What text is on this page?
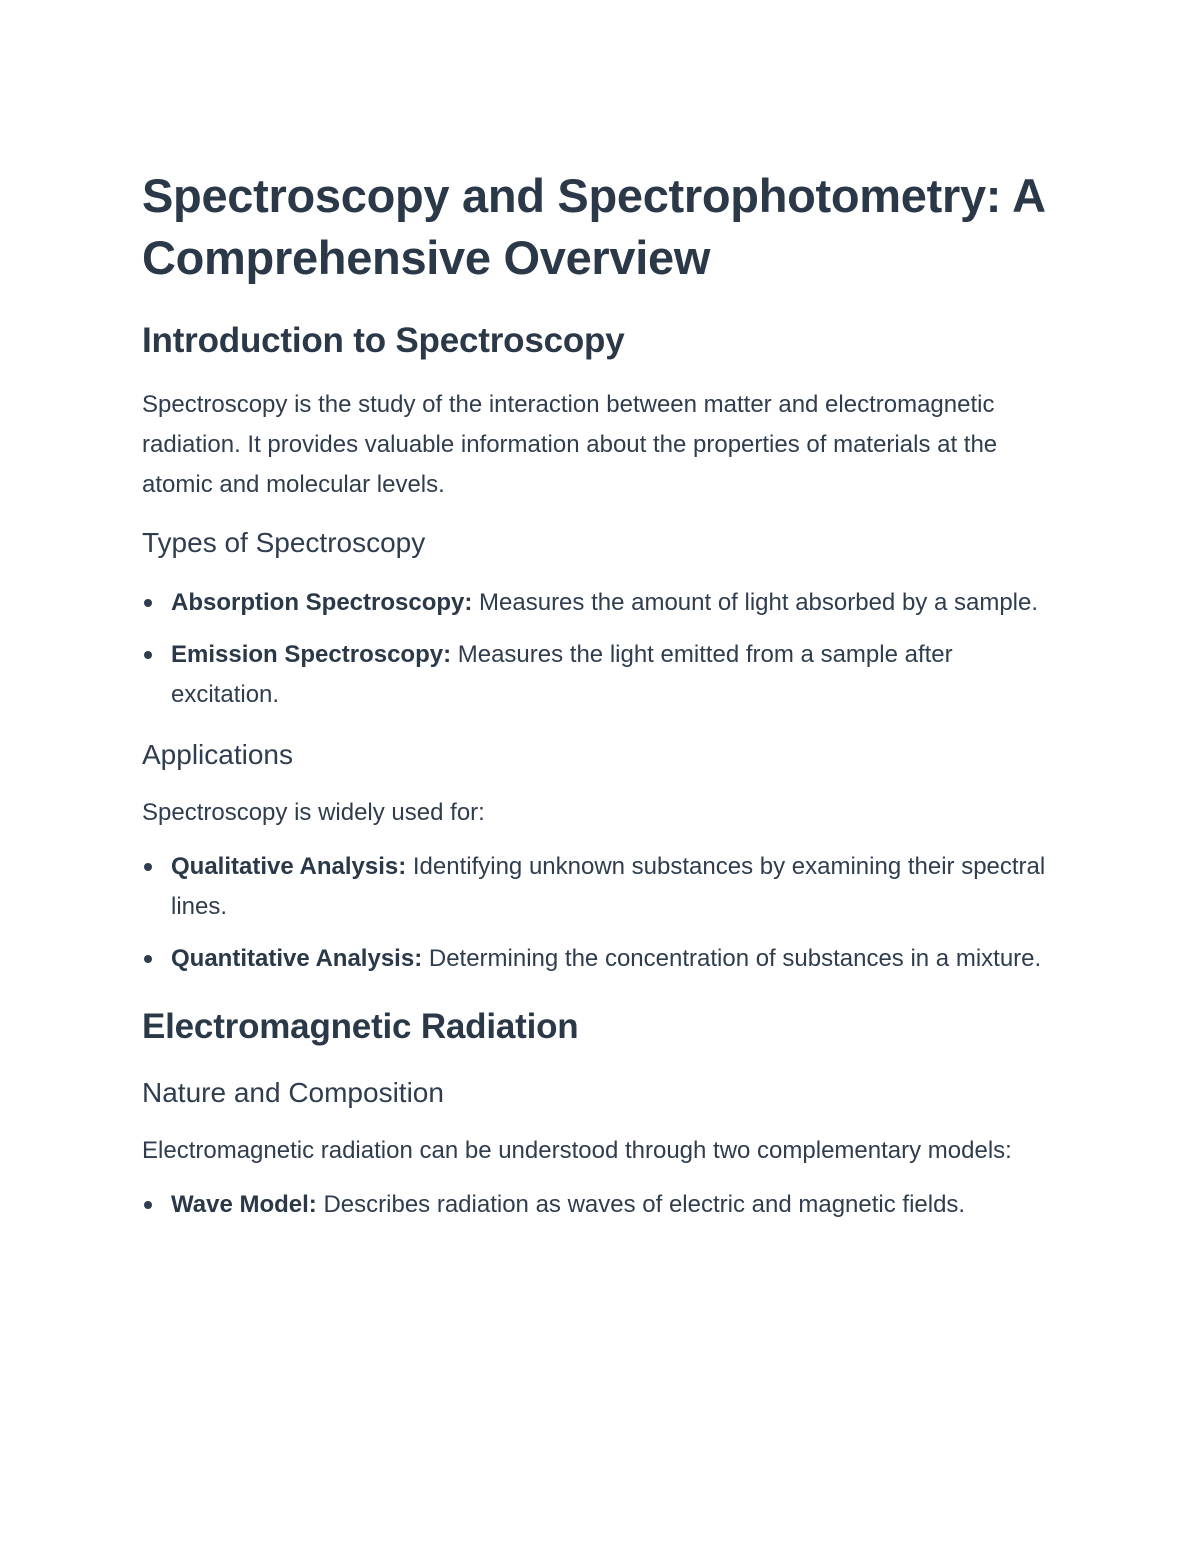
Spectroscopy and Spectrophotometry: A Comprehensive Overview
Introduction to Spectroscopy

Spectroscopy is the study of the interaction between matter and electromagnetic radiation. It provides valuable information about the properties of materials at the atomic and molecular levels.

Types of Spectroscopy
Absorption Spectroscopy: Measures the amount of light absorbed by a sample.
Emission Spectroscopy: Measures the light emitted from a sample after excitation.
Applications

Spectroscopy is widely used for:

Qualitative Analysis: Identifying unknown substances by examining their spectral lines.
Quantitative Analysis: Determining the concentration of substances in a mixture.
Electromagnetic Radiation
Nature and Composition

Electromagnetic radiation can be understood through two complementary models:

Wave Model: Describes radiation as waves of electric and magnetic fields.
